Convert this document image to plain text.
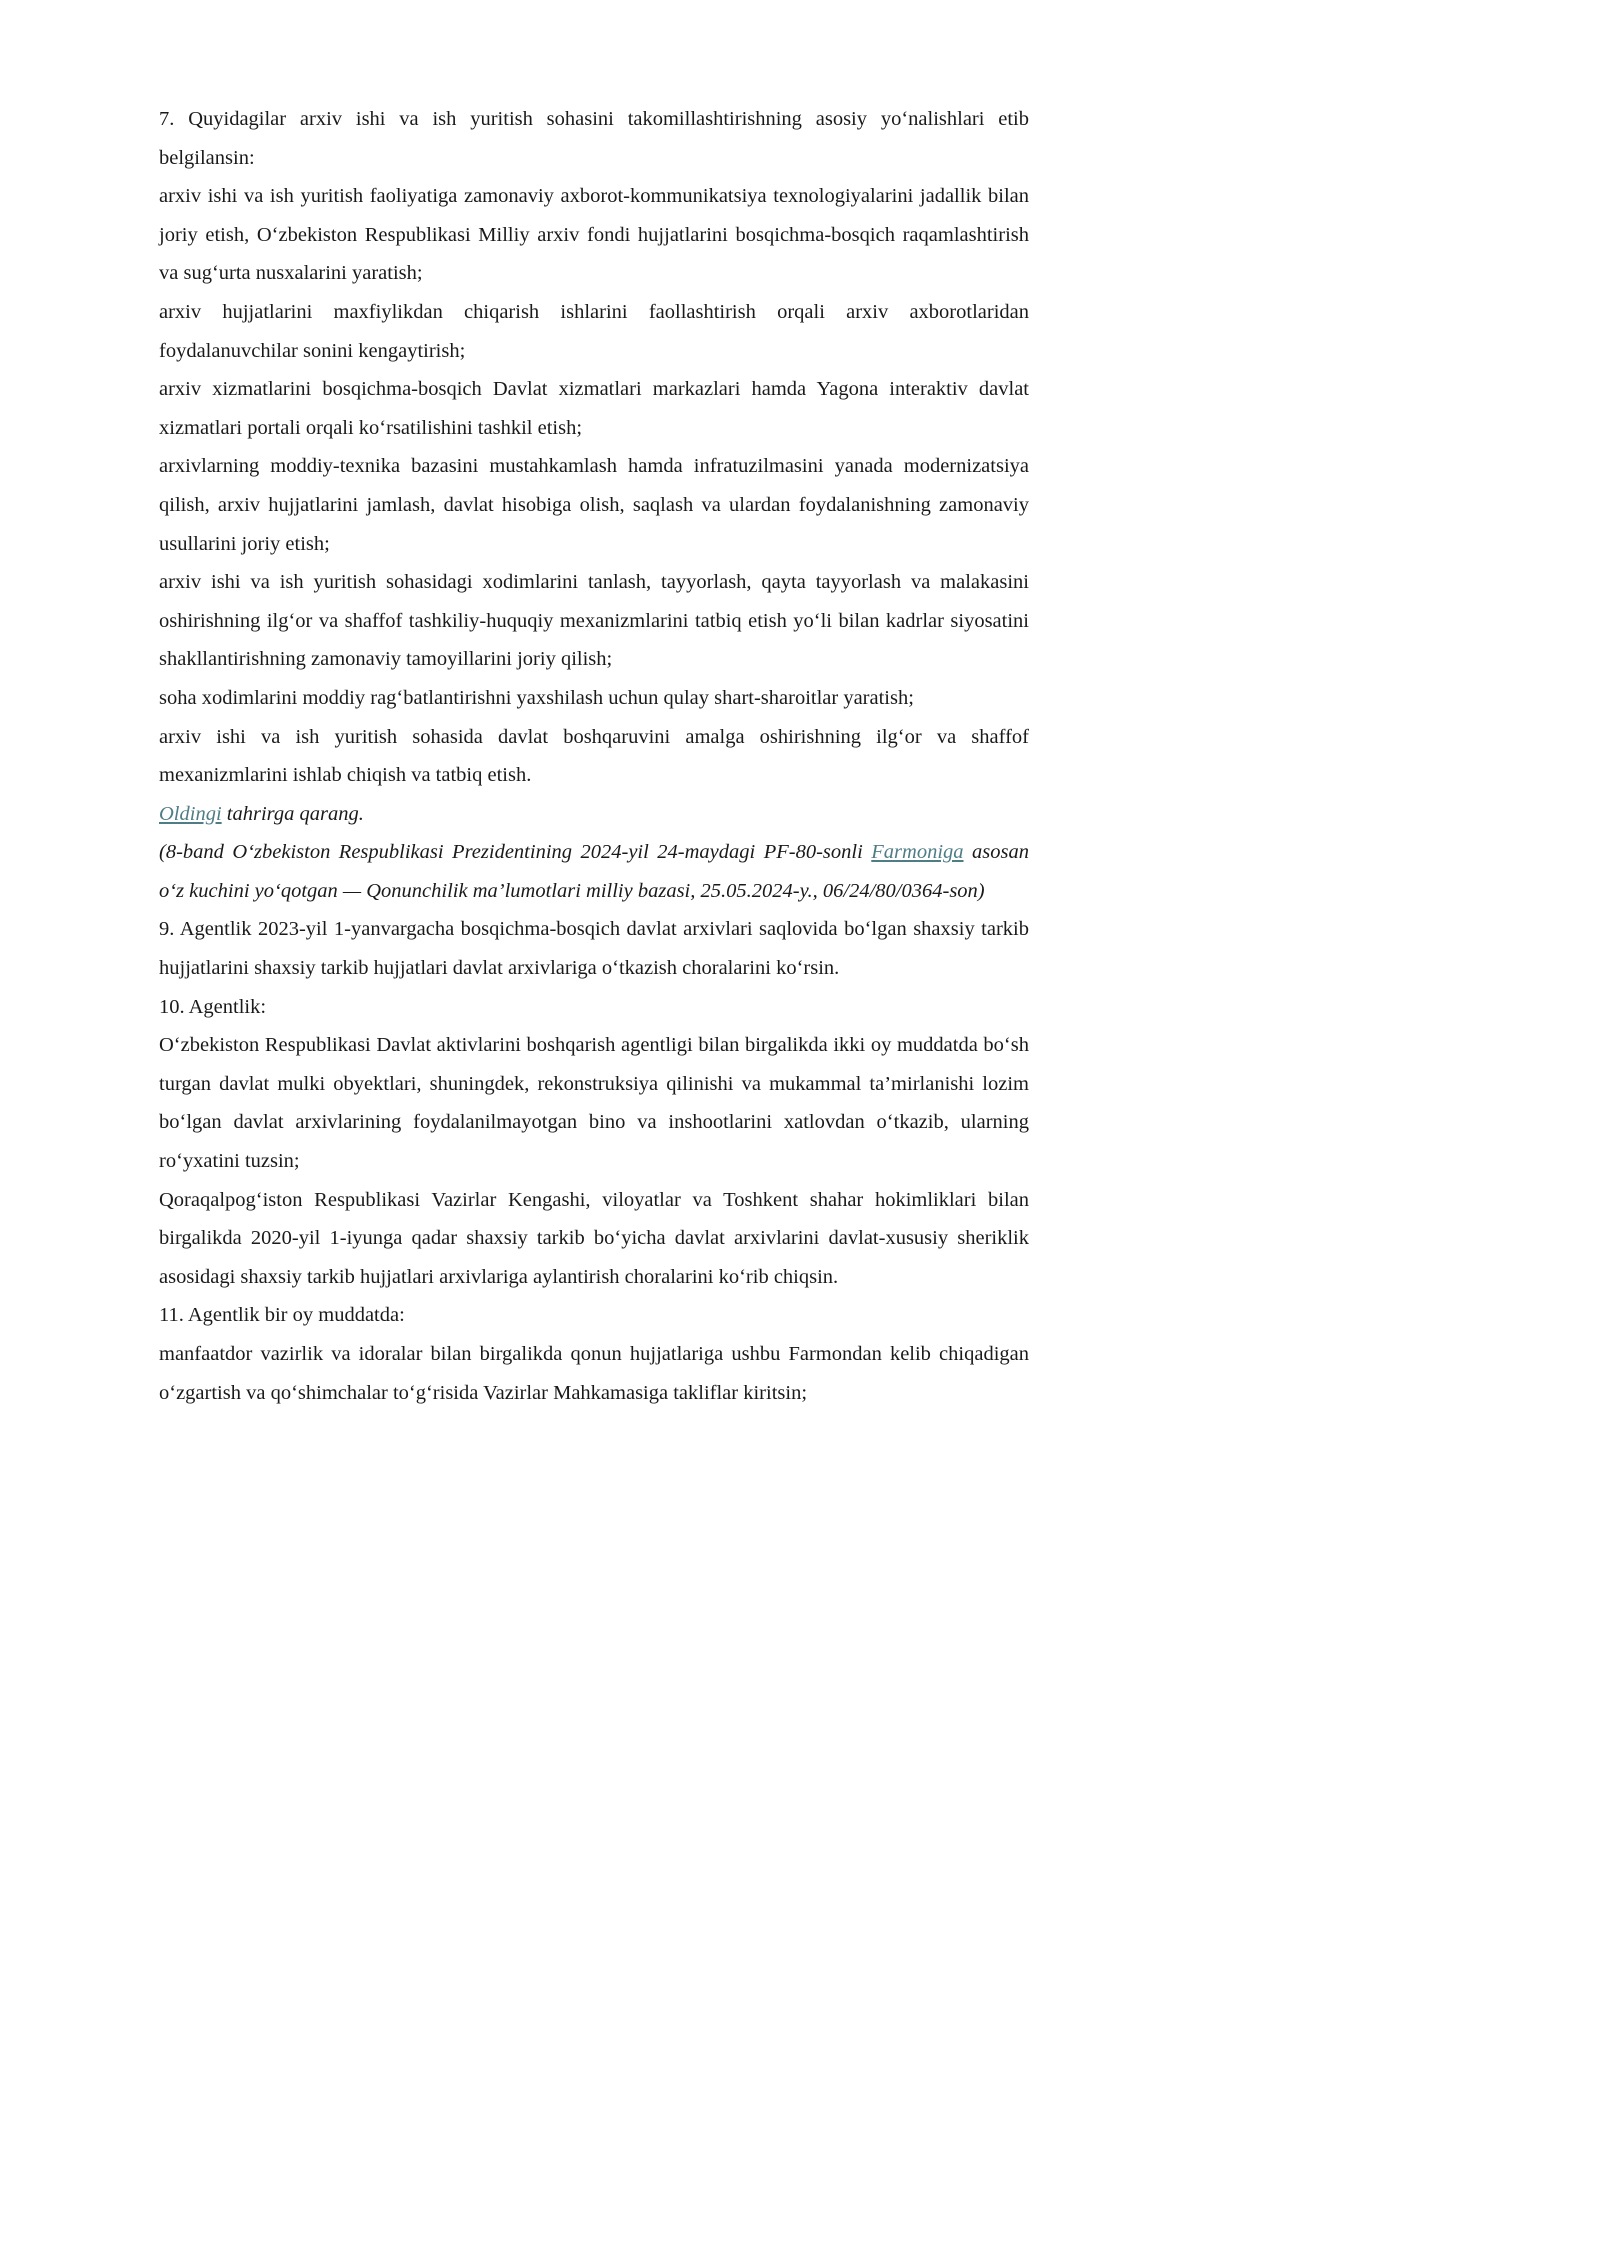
7. Quyidagilar arxiv ishi va ish yuritish sohasini takomillashtirishning asosiy yo‘nalishlari etib belgilansin:

arxiv ishi va ish yuritish faoliyatiga zamonaviy axborot-kommunikatsiya texnologiyalarini jadallik bilan joriy etish, O‘zbekiston Respublikasi Milliy arxiv fondi hujjatlarini bosqichma-bosqich raqamlashtirish va sug‘urta nusxalarini yaratish;

arxiv hujjatlarini maxfiylikdan chiqarish ishlarini faollashtirish orqali arxiv axborotlaridan foydalanuvchilar sonini kengaytirish;

arxiv xizmatlarini bosqichma-bosqich Davlat xizmatlari markazlari hamda Yagona interaktiv davlat xizmatlari portali orqali ko‘rsatilishini tashkil etish;

arxivlarning moddiy-texnika bazasini mustahkamlash hamda infratuzilmasini yanada modernizatsiya qilish, arxiv hujjatlarini jamlash, davlat hisobiga olish, saqlash va ulardan foydalanishning zamonaviy usullarini joriy etish;

arxiv ishi va ish yuritish sohasidagi xodimlarini tanlash, tayyorlash, qayta tayyorlash va malakasini oshirishning ilg‘or va shaffof tashkiliy-huquqiy mexanizmlarini tatbiq etish yo‘li bilan kadrlar siyosatini shakllantirishning zamonaviy tamoyillarini joriy qilish;

soha xodimlarini moddiy rag‘batlantirishni yaxshilash uchun qulay shart-sharoitlar yaratish;

arxiv ishi va ish yuritish sohasida davlat boshqaruvini amalga oshirishning ilg‘or va shaffof mexanizmlarini ishlab chiqish va tatbiq etish.

Oldingi tahrirga qarang.

(8-band O‘zbekiston Respublikasi Prezidentining 2024-yil 24-maydagi PF-80-sonli Farmoniga asosan o‘z kuchini yo‘qotgan — Qonunchilik ma’lumotlari milliy bazasi, 25.05.2024-y., 06/24/80/0364-son)

9. Agentlik 2023-yil 1-yanvargacha bosqichma-bosqich davlat arxivlari saqlovida bo‘lgan shaxsiy tarkib hujjatlarini shaxsiy tarkib hujjatlari davlat arxivlariga o‘tkazish choralarini ko‘rsin.

10. Agentlik:

O‘zbekiston Respublikasi Davlat aktivlarini boshqarish agentligi bilan birgalikda ikki oy muddatda bo‘sh turgan davlat mulki obyektlari, shuningdek, rekonstruksiya qilinishi va mukammal ta’mirlanishi lozim bo‘lgan davlat arxivlarining foydalanilmayotgan bino va inshootlarini xatlovdan o‘tkazib, ularning ro‘yxatini tuzsin;

Qoraqalpog‘iston Respublikasi Vazirlar Kengashi, viloyatlar va Toshkent shahar hokimliklari bilan birgalikda 2020-yil 1-iyunga qadar shaxsiy tarkib bo‘yicha davlat arxivlarini davlat-xususiy sheriklik asosidagi shaxsiy tarkib hujjatlari arxivlariga aylantirish choralarini ko‘rib chiqsin.

11. Agentlik bir oy muddatda:

manfaatdor vazirlik va idoralar bilan birgalikda qonun hujjatlariga ushbu Farmondan kelib chiqadigan o‘zgartish va qo‘shimchalar to‘g‘risida Vazirlar Mahkamasiga takliflar kiritsin;
